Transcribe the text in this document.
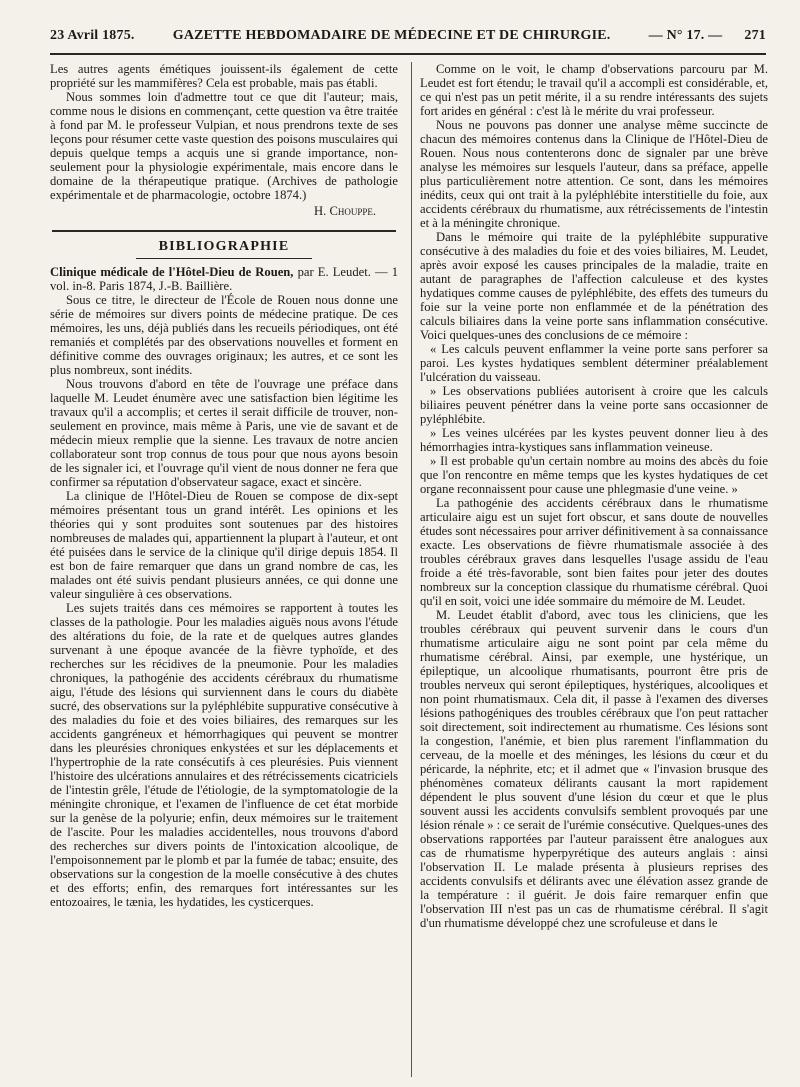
23 Avril 1875.	GAZETTE HEBDOMADAIRE DE MÉDECINE ET DE CHIRURGIE.	— N° 17. — 271

Les autres agents émétiques jouissent-ils également de cette propriété sur les mammifères? Cela est probable, mais pas établi.

Nous sommes loin d'admettre tout ce que dit l'auteur; mais, comme nous le disions en commençant, cette question va être traitée à fond par M. le professeur Vulpian, et nous prendrons texte de ses leçons pour résumer cette vaste question des poisons musculaires qui depuis quelque temps a acquis une si grande importance, non-seulement pour la physiologie expérimentale, mais encore dans le domaine de la thérapeutique pratique. (Archives de pathologie expérimentale et de pharmacologie, octobre 1874.)

H. Chouppe.
BIBLIOGRAPHIE

Clinique médicale de l'Hôtel-Dieu de Rouen, par E. Leudet. — 1 vol. in-8. Paris 1874, J.-B. Baillière.

Sous ce titre, le directeur de l'École de Rouen nous donne une série de mémoires sur divers points de médecine pratique. De ces mémoires, les uns, déjà publiés dans les recueils périodiques, ont été remaniés et complétés par des observations nouvelles et forment en définitive comme des ouvrages originaux; les autres, et ce sont les plus nombreux, sont inédits.

Nous trouvons d'abord en tête de l'ouvrage une préface dans laquelle M. Leudet énumère avec une satisfaction bien légitime les travaux qu'il a accomplis; et certes il serait difficile de trouver, non-seulement en province, mais même à Paris, une vie de savant et de médecin mieux remplie que la sienne. Les travaux de notre ancien collaborateur sont trop connus de tous pour que nous ayons besoin de les signaler ici, et l'ouvrage qu'il vient de nous donner ne fera que confirmer sa réputation d'observateur sagace, exact et sincère.

La clinique de l'Hôtel-Dieu de Rouen se compose de dix-sept mémoires présentant tous un grand intérêt. Les opinions et les théories qui y sont produites sont soutenues par des histoires nombreuses de malades qui, appartiennent la plupart à l'auteur, et ont été puisées dans le service de la clinique qu'il dirige depuis 1854. Il est bon de faire remarquer que dans un grand nombre de cas, les malades ont été suivis pendant plusieurs années, ce qui donne une valeur singulière à ces observations.

Les sujets traités dans ces mémoires se rapportent à toutes les classes de la pathologie. Pour les maladies aiguës nous avons l'étude des altérations du foie, de la rate et de quelques autres glandes survenant à une époque avancée de la fièvre typhoïde, et des recherches sur les récidives de la pneumonie. Pour les maladies chroniques, la pathogénie des accidents cérébraux du rhumatisme aigu, l'étude des lésions qui surviennent dans le cours du diabète sucré, des observations sur la pyléphlébite suppurative consécutive à des maladies du foie et des voies biliaires, des remarques sur les accidents gangréneux et hémorrhagiques qui peuvent se montrer dans les pleurésies chroniques enkystées et sur les déplacements et l'hypertrophie de la rate consécutifs à ces pleurésies. Puis viennent l'histoire des ulcérations annulaires et des rétrécissements cicatriciels de l'intestin grêle, l'étude de l'étiologie, de la symptomatologie de la méningite chronique, et l'examen de l'influence de cet état morbide sur la genèse de la polyurie; enfin, deux mémoires sur le traitement de l'ascite. Pour les maladies accidentelles, nous trouvons d'abord des recherches sur divers points de l'intoxication alcoolique, de l'empoisonnement par le plomb et par la fumée de tabac; ensuite, des observations sur la congestion de la moelle consécutive à des chutes et des efforts; enfin, des remarques fort intéressantes sur les entozoaires, le tænia, les hydatides, les cysticerques.

Comme on le voit, le champ d'observations parcouru par M. Leudet est fort étendu; le travail qu'il a accompli est considérable, et, ce qui n'est pas un petit mérite, il a su rendre intéressants des sujets fort arides en général : c'est là le mérite du vrai professeur.

Nous ne pouvons pas donner une analyse même succincte de chacun des mémoires contenus dans la Clinique de l'Hôtel-Dieu de Rouen. Nous nous contenterons donc de signaler par une brève analyse les mémoires sur lesquels l'auteur, dans sa préface, appelle plus particulièrement notre attention. Ce sont, dans les mémoires inédits, ceux qui ont trait à la pyléphlébite interstitielle du foie, aux accidents cérébraux du rhumatisme, aux rétrécissements de l'intestin et à la méningite chronique.

Dans le mémoire qui traite de la pyléphlébite suppurative consécutive à des maladies du foie et des voies biliaires, M. Leudet, après avoir exposé les causes principales de la maladie, traite en autant de paragraphes de l'affection calculeuse et des kystes hydatiques comme causes de pyléphlébite, des effets des tumeurs du foie sur la veine porte non enflammée et de la pénétration des calculs biliaires dans la veine porte sans inflammation consécutive. Voici quelques-unes des conclusions de ce mémoire :

« Les calculs peuvent enflammer la veine porte sans perforer sa paroi. Les kystes hydatiques semblent déterminer préalablement l'ulcération du vaisseau.

» Les observations publiées autorisent à croire que les calculs biliaires peuvent pénétrer dans la veine porte sans occasionner de pyléphlébite.

» Les veines ulcérées par les kystes peuvent donner lieu à des hémorrhagies intra-kystiques sans inflammation veineuse.

» Il est probable qu'un certain nombre au moins des abcès du foie que l'on rencontre en même temps que les kystes hydatiques de cet organe reconnaissent pour cause une phlegmasie d'une veine. »

La pathogénie des accidents cérébraux dans le rhumatisme articulaire aigu est un sujet fort obscur, et sans doute de nouvelles études sont nécessaires pour arriver définitivement à sa connaissance exacte. Les observations de fièvre rhumatismale associée à des troubles cérébraux graves dans lesquelles l'usage assidu de l'eau froide a été très-favorable, sont bien faites pour jeter des doutes nombreux sur la conception classique du rhumatisme cérébral. Quoi qu'il en soit, voici une idée sommaire du mémoire de M. Leudet.

M. Leudet établit d'abord, avec tous les cliniciens, que les troubles cérébraux qui peuvent survenir dans le cours d'un rhumatisme articulaire aigu ne sont point par cela même du rhumatisme cérébral. Ainsi, par exemple, une hystérique, un épileptique, un alcoolique rhumatisants, pourront être pris de troubles nerveux qui seront épileptiques, hystériques, alcooliques et non point rhumatismaux. Cela dit, il passe à l'examen des diverses lésions pathogéniques des troubles cérébraux que l'on peut rattacher soit directement, soit indirectement au rhumatisme. Ces lésions sont la congestion, l'anémie, et bien plus rarement l'inflammation du cerveau, de la moelle et des méninges, les lésions du cœur et du péricarde, la néphrite, etc; et il admet que « l'invasion brusque des phénomènes comateux délirants causant la mort rapidement dépendent le plus souvent d'une lésion du cœur et que le plus souvent aussi les accidents convulsifs semblent provoqués par une lésion rénale » : ce serait de l'urémie consécutive. Quelques-unes des observations rapportées par l'auteur paraissent être analogues aux cas de rhumatisme hyperpyrétique des auteurs anglais : ainsi l'observation II. Le malade présenta à plusieurs reprises des accidents convulsifs et délirants avec une élévation assez grande de la température : il guérit. Je dois faire remarquer enfin que l'observation III n'est pas un cas de rhumatisme cérébral. Il s'agit d'un rhumatisme développé chez une scrofuleuse et dans le
